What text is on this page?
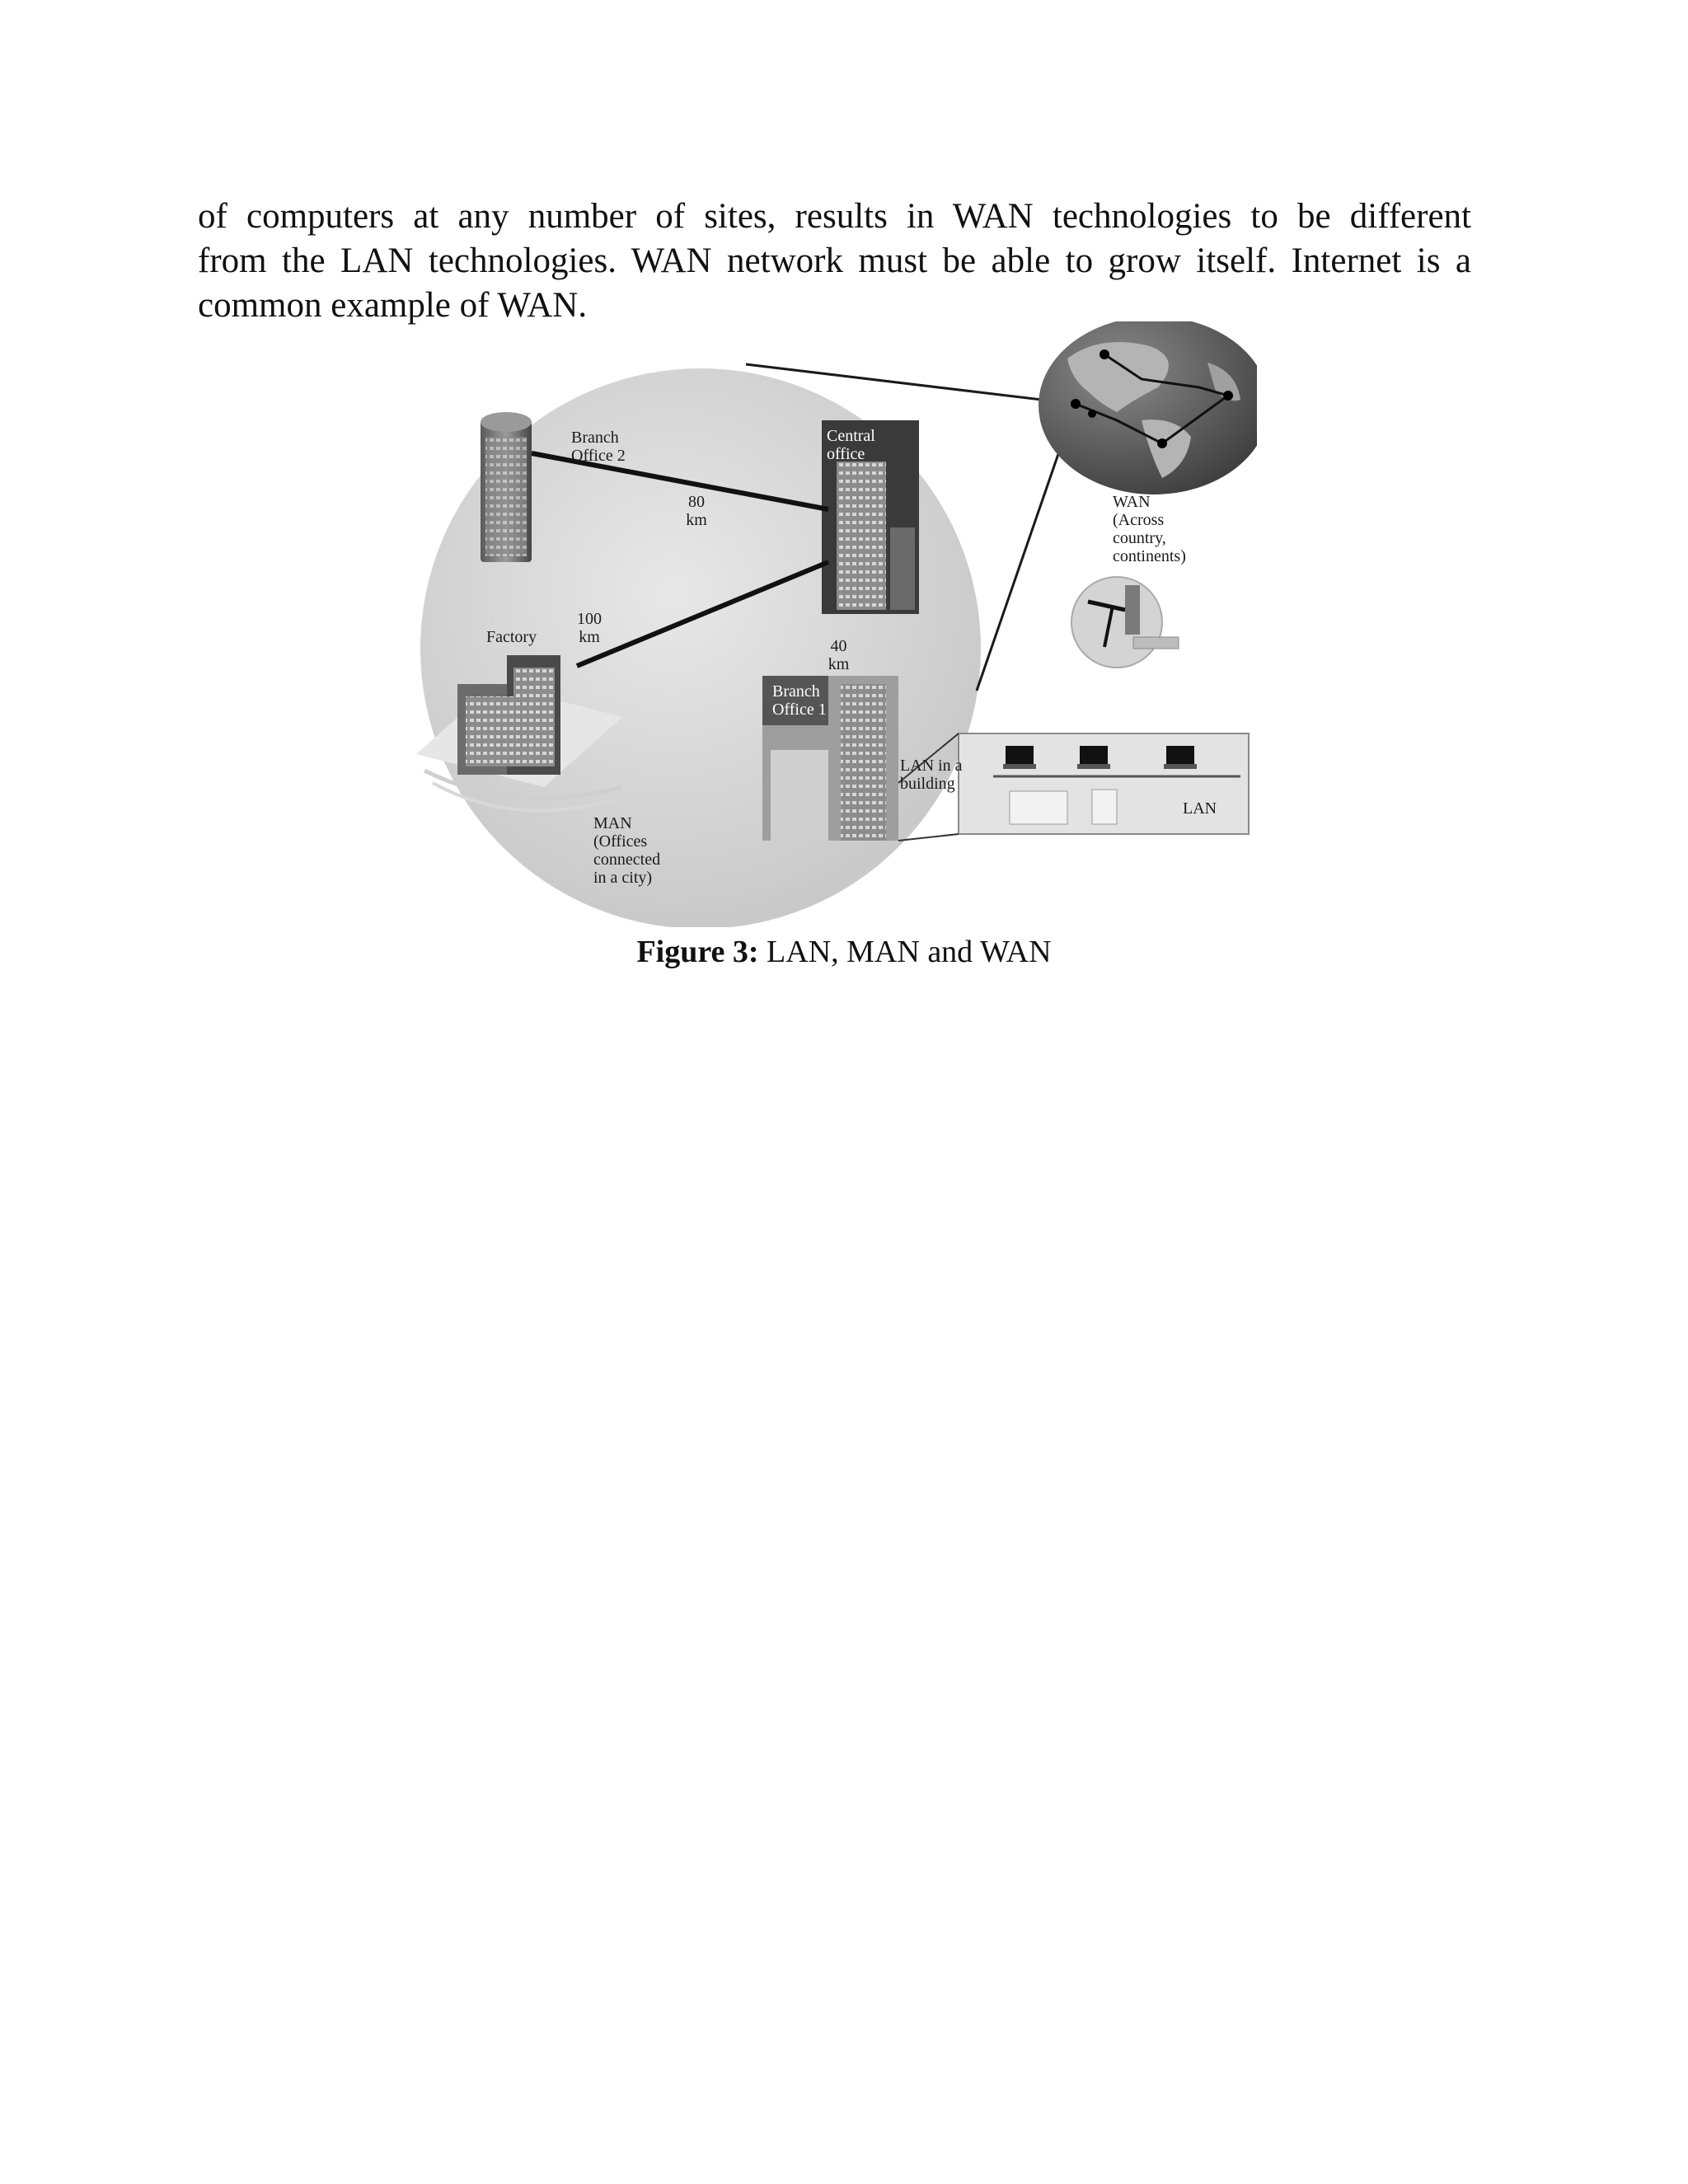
of computers at any number of sites, results in WAN technologies to be different
from the LAN technologies. WAN network must be able to grow itself. Internet is a
common example of WAN.

Branch
Office 2
Central
office
80
km
100
km
Factory	40
km
Branch
Office 1
LAN in a
building
LAN
MAN
(Offices
connected
in a city)
WAN
(Across
country,
continents)
Figure 3: LAN, MAN and WAN
